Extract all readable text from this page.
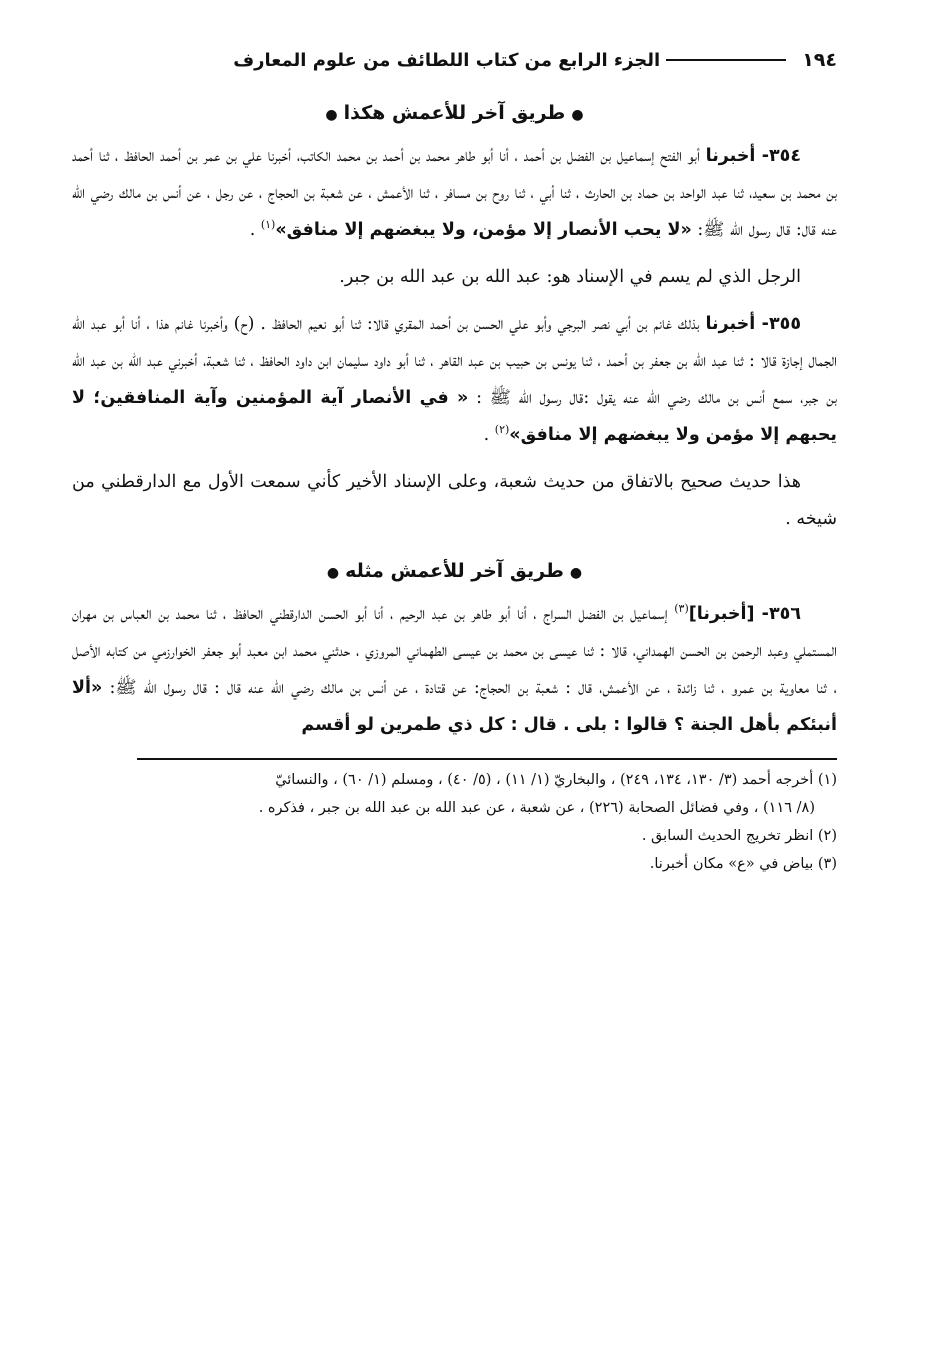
١٩٤
الجزء الرابع من كتاب اللطائف من علوم المعارف
●طريق آخر للأعمش هكذا●

٣٥٤- أخبرنا أبو الفتح إسماعيل بن الفضل بن أحمد ، أنا أبو طاهر محمد بن أحمد بن محمد الكاتب، أخبرنا علي بن عمر بن أحمد الحافظ ، ثنا أحمد بن محمد بن سعيد، ثنا عبد الواحد بن حماد بن الحارث ، ثنا أبي ، ثنا روح بن مسافر ، ثنا الأعمش ، عن شعبة بن الحجاج ، عن رجل ، عن أنس بن مالك رضي الله عنه قال: قال رسول الله ﷺ: «لا يحب الأنصار إلا مؤمن، ولا يبغضهم إلا منافق»$^{(١)}$ .

الرجل الذي لم يسم في الإسناد هو: عبد الله بن عبد الله بن جبر.

٣٥٥- أخبرنا بذلك غانم بن أبي نصر البرجي وأبو علي الحسن بن أحمد المقري قالا: ثنا أبو نعيم الحافظ . (ح) وأخبرنا غانم هذا ، أنا أبو عبد الله الجمال إجازة قالا : ثنا عبد الله بن جعفر بن أحمد ، ثنا يونس بن حبيب بن عبد القاهر ، ثنا أبو داود سليمان ابن داود الحافظ ، ثنا شعبة، أخبرني عبد الله بن عبد الله بن جبر، سمع أنس بن مالك رضي الله عنه يقول :قال رسول الله ﷺ : « في الأنصار آية المؤمنين وآية المنافقين؛ لا يحبهم إلا مؤمن ولا يبغضهم إلا منافق»$^{(٢)}$ .

هذا حديث صحيح بالاتفاق من حديث شعبة، وعلى الإسناد الأخير كأني سمعت الأول مع الدارقطني من شيخه .

●طريق آخر للأعمش مثله●

٣٥٦- [أخبرنا]$^{(٣)}$ إسماعيل بن الفضل السراج ، أنا أبو طاهر بن عبد الرحيم ، أنا أبو الحسن الدارقطني الحافظ ، ثنا محمد بن العباس بن مهران المستملي وعبد الرحمن بن الحسن الهمداني، قالا : ثنا عيسى بن محمد بن عيسى الطهماني المروزي ، حدثني محمد ابن معبد أبو جعفر الخوارزمي من كتابه الأصل ، ثنا معاوية بن عمرو ، ثنا زائدة ، عن الأعمش، قال : شعبة بن الحجاج: عن قتادة ، عن أنس بن مالك رضي الله عنه قال : قال رسول الله ﷺ: «ألا أنبئكم بأهل الجنة ؟ قالوا : بلى . قال : كل ذي طمرين لو أقسم

(١) أخرجه أحمد (٣/ ١٣٠، ١٣٤، ٢٤٩) ، والبخاريّ (١/ ١١) ، (٥/ ٤٠) ، ومسلم (١/ ٦٠) ، والنسائيّ
(٨/ ١١٦) ، وفي فضائل الصحابة (٢٢٦) ، عن شعبة ، عن عبد الله بن عبد الله بن جبر ، فذكره .
(٢) انظر تخريج الحديث السابق .
(٣) بياض في «ع» مكان أخبرنا.
